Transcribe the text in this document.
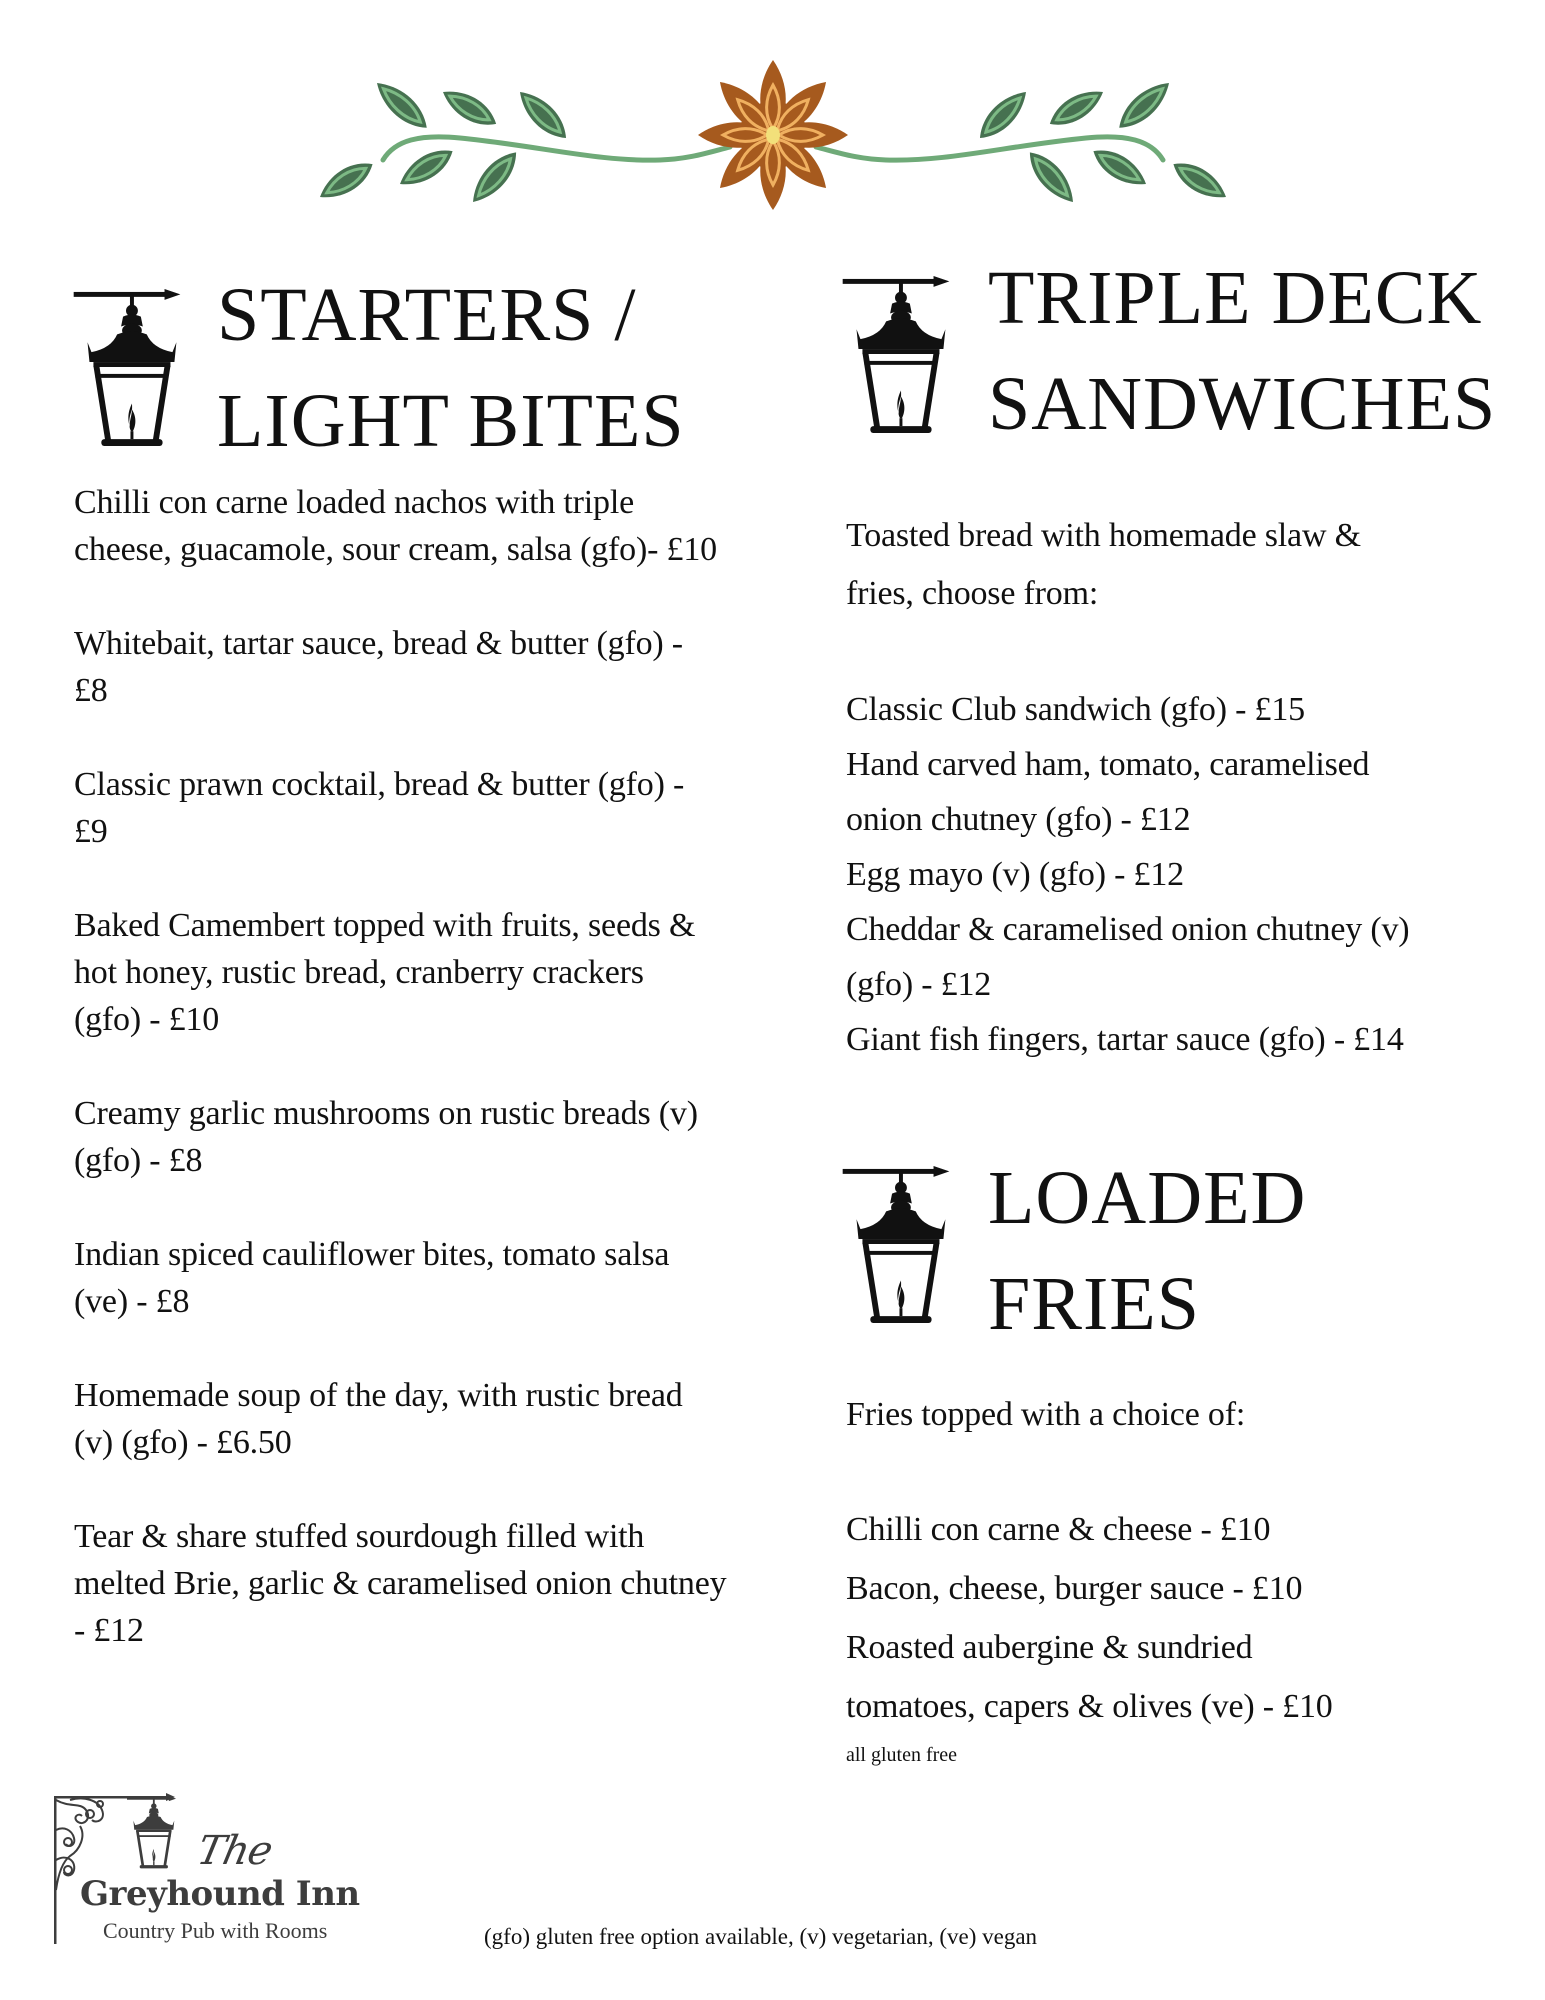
STARTERS /
LIGHT BITES
Chilli con carne loaded nachos with triple
cheese, guacamole, sour cream, salsa (gfo)- £10
Whitebait, tartar sauce, bread & butter (gfo) -
£8
Classic prawn cocktail, bread & butter (gfo) -
£9
Baked Camembert topped with fruits, seeds &
hot honey, rustic bread, cranberry crackers
(gfo) - £10
Creamy garlic mushrooms on rustic breads (v)
(gfo) - £8
Indian spiced cauliflower bites, tomato salsa
(ve) - £8
Homemade soup of the day, with rustic bread
(v) (gfo) - £6.50
Tear & share stuffed sourdough filled with
melted Brie, garlic & caramelised onion chutney
- £12
TRIPLE DECK
SANDWICHES
Toasted bread with homemade slaw &
fries, choose from:
Classic Club sandwich (gfo) - £15
Hand carved ham, tomato, caramelised
onion chutney (gfo) - £12
Egg mayo (v) (gfo) - £12
Cheddar & caramelised onion chutney (v)
(gfo) - £12
Giant fish fingers, tartar sauce (gfo) - £14
LOADED
FRIES
Fries topped with a choice of:
Chilli con carne & cheese - £10
Bacon, cheese, burger sauce - £10
Roasted aubergine & sundried
tomatoes, capers & olives (ve) - £10
all gluten free
The
Greyhound Inn
Country Pub with Rooms	(gfo) gluten free option available, (v) vegetarian, (ve) vegan
